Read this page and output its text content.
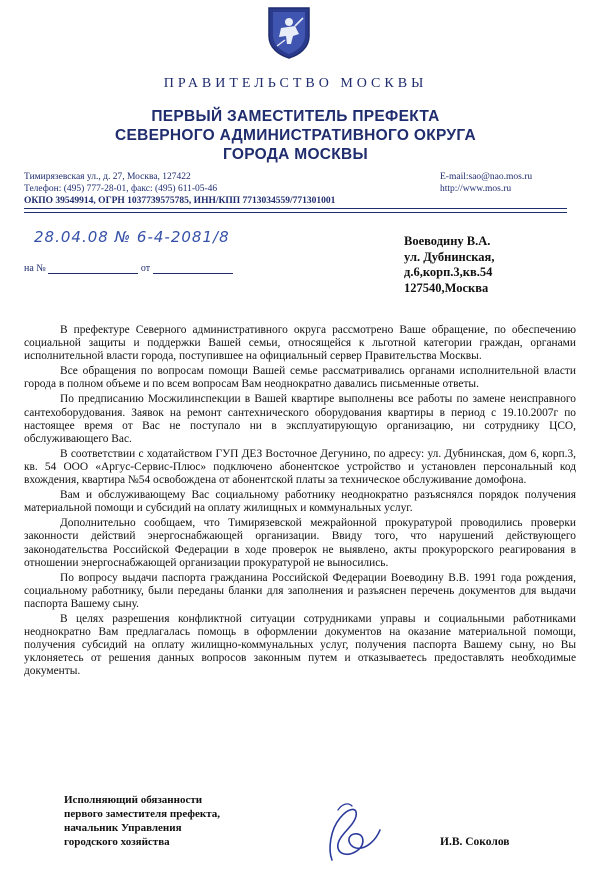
ПРАВИТЕЛЬСТВО МОСКВЫ
ПЕРВЫЙ ЗАМЕСТИТЕЛЬ ПРЕФЕКТА
СЕВЕРНОГО АДМИНИСТРАТИВНОГО ОКРУГА
ГОРОДА МОСКВЫ
Тимирязевская ул., д. 27, Москва, 127422
Телефон: (495) 777-28-01, факс: (495) 611-05-46
ОКПО 39549914, ОГРН 1037739575785, ИНН/КПП 7713034559/771301001
E-mail:sao@nao.mos.ru
http://www.mos.ru
28.04.08 № 6-4-2081/8
на №	от
Воеводину В.А.
ул. Дубнинская,
д.6,корп.3,кв.54
127540,Москва

В префектуре Северного административного округа рассмотрено Ваше обращение, по обеспечению социальной защиты и поддержки Вашей семьи, относящейся к льготной категории граждан, органами исполнительной власти города, поступившее на официальный сервер Правительства Москвы.

Все обращения по вопросам помощи Вашей семье рассматривались органами исполнительной власти города в полном объеме и по всем вопросам Вам неоднократно давались письменные ответы.

По предписанию Мосжилинспекции в Вашей квартире выполнены все работы по замене неисправного сантехоборудования. Заявок на ремонт сантехнического оборудования квартиры в период с 19.10.2007г по настоящее время от Вас не поступало ни в эксплуатирующую организацию, ни сотруднику ЦСО, обслуживающего Вас.

В соответствии с ходатайством ГУП ДЕЗ Восточное Дегунино, по адресу: ул. Дубнинская, дом 6, корп.3, кв. 54 ООО «Аргус-Сервис-Плюс» подключено абонентское устройство и установлен персональный код вхождения, квартира №54 освобождена от абонентской платы за техническое обслуживание домофона.

Вам и обслуживающему Вас социальному работнику неоднократно разъяснялся порядок получения материальной помощи и субсидий на оплату жилищных и коммунальных услуг.

Дополнительно сообщаем, что Тимирязевской межрайонной прокуратурой проводились проверки законности действий энергоснабжающей организации. Ввиду того, что нарушений действующего законодательства Российской Федерации в ходе проверок не выявлено, акты прокурорского реагирования в отношении энергоснабжающей организации прокуратурой не выносились.

По вопросу выдачи паспорта гражданина Российской Федерации Воеводину В.В. 1991 года рождения, социальному работнику, были переданы бланки для заполнения и разъяснен перечень документов для выдачи паспорта Вашему сыну.

В целях разрешения конфликтной ситуации сотрудниками управы и социальными работниками неоднократно Вам предлагалась помощь в оформлении документов на оказание материальной помощи, получения субсидий на оплату жилищно-коммунальных услуг, получения паспорта Вашему сыну, но Вы уклоняетесь от решения данных вопросов законным путем и отказываетесь предоставлять необходимые документы.

Исполняющий обязанности
первого заместителя префекта,
начальник Управления
городского хозяйства	И.В. Соколов
